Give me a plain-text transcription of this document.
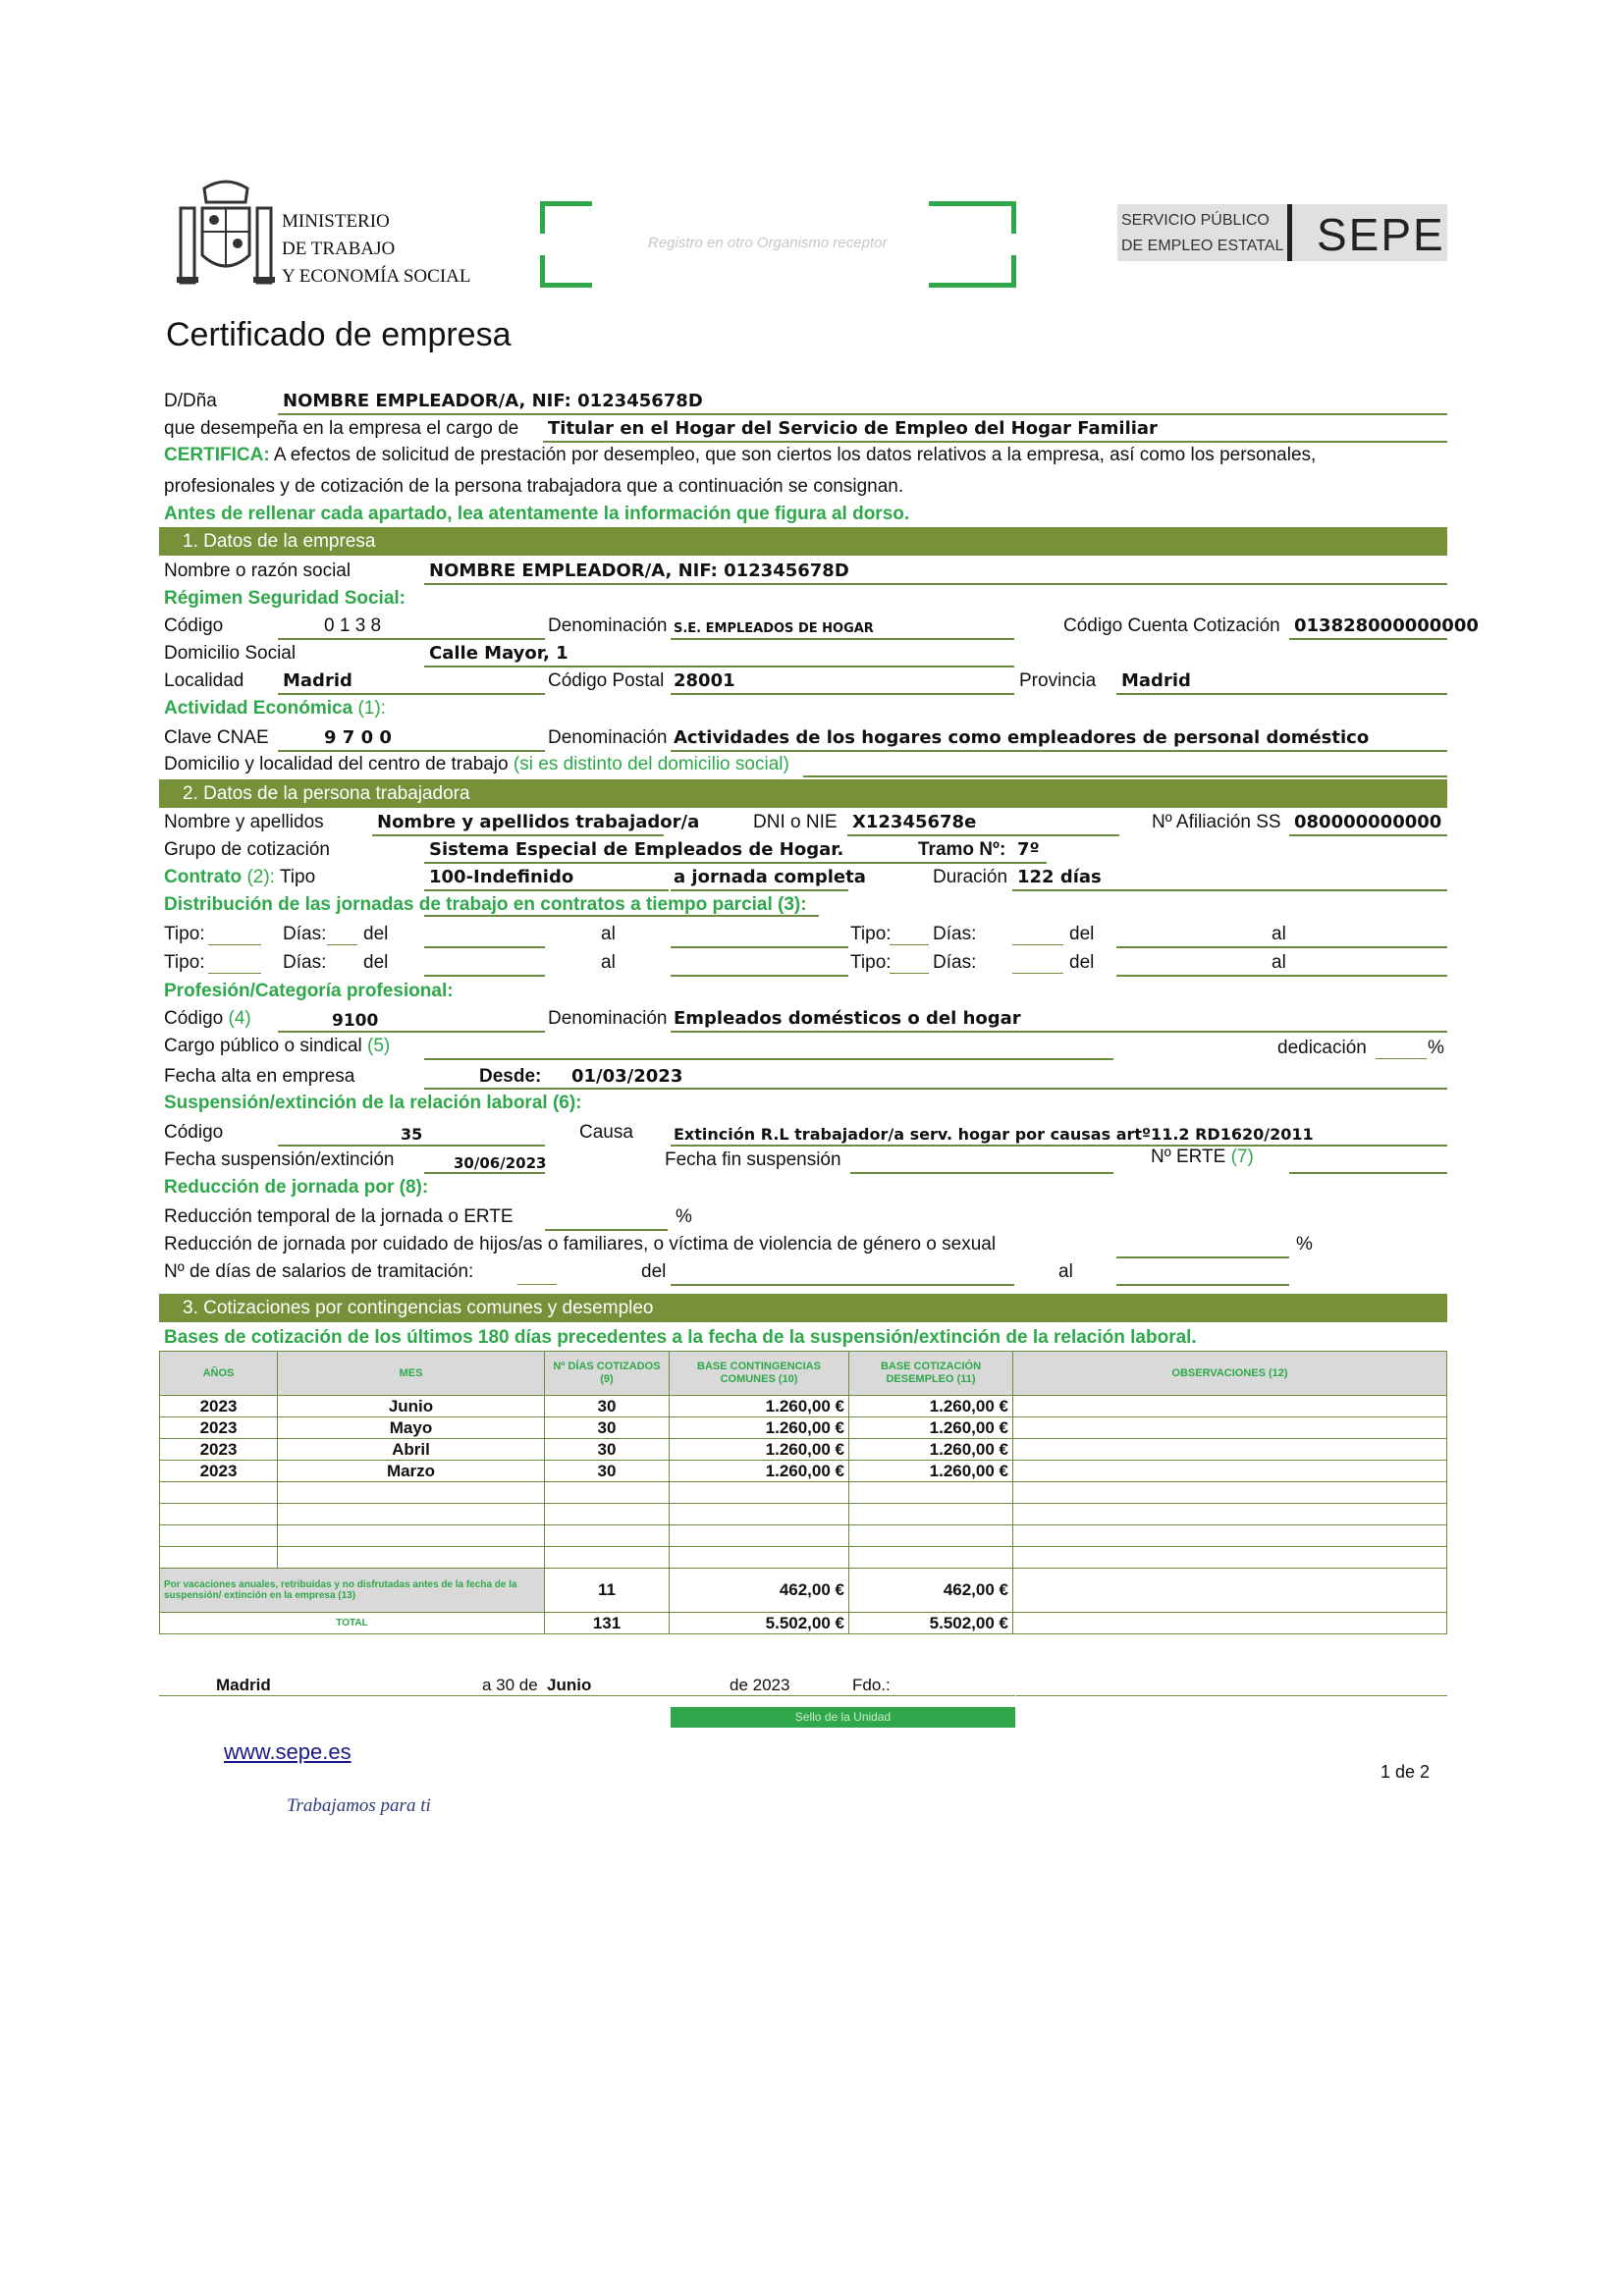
MINISTERIO
DE TRABAJO
Y ECONOMÍA SOCIAL
Registro en otro Organismo receptor
SERVICIO PÚBLICO
DE EMPLEO ESTATAL SEPE
Certificado de empresa
D/Dña	NOMBRE EMPLEADOR/A, NIF: 012345678D
que desempeña en la empresa el cargo de Titular en el Hogar del Servicio de Empleo del Hogar Familiar
CERTIFICA: A efectos de solicitud de prestación por desempleo, que son ciertos los datos relativos a la empresa, así como los personales,
profesionales y de cotización de la persona trabajadora que a continuación se consignan.
Antes de rellenar cada apartado, lea atentamente la información que figura al dorso.
1. Datos de la empresa
Nombre o razón social	NOMBRE EMPLEADOR/A, NIF: 012345678D
Régimen Seguridad Social:
Código	0 1 3 8	Denominación S.E. EMPLEADOS DE HOGAR	Código Cuenta Cotización 013828000000000
Domicilio Social	Calle Mayor, 1
Localidad Madrid	Código Postal 28001	Provincia Madrid
Actividad Económica (1):
Clave CNAE	9 7 0 0	Denominación Actividades de los hogares como empleadores de personal doméstico
Domicilio y localidad del centro de trabajo (si es distinto del domicilio social)
2. Datos de la persona trabajadora
Nombre y apellidos	Nombre y apellidos trabajador/a	DNI o NIE X12345678e	Nº Afiliación SS 080000000000
Grupo de cotización	Sistema Especial de Empleados de Hogar.	Tramo Nº: 7º
Contrato (2): Tipo	100-Indefinido	a jornada completa	Duración 122 días
Distribución de las jornadas de trabajo en contratos a tiempo parcial (3):
Tipo:	Días: del	al	Tipo: Días:	del	al
Tipo:	Días: del	al	Tipo: Días:	del	al
Profesión/Categoría profesional:
Código (4)	9100	Denominación Empleados domésticos o del hogar
Cargo público o sindical (5)	dedicación	%
Fecha alta en empresa	Desde: 01/03/2023
Suspensión/extinción de la relación laboral (6):
Código	35	Causa	Extinción R.L trabajador/a serv. hogar por causas artº11.2 RD1620/2011
Fecha suspensión/extinción	30/06/2023	Fecha fin suspensión	Nº ERTE (7)
Reducción de jornada por (8):
Reducción temporal de la jornada o ERTE	%
Reducción de jornada por cuidado de hijos/as o familiares, o víctima de violencia de género o sexual	%
Nº de días de salarios de tramitación:	del	al
3. Cotizaciones por contingencias comunes y desempleo
Bases de cotización de los últimos 180 días precedentes a la fecha de la suspensión/extinción de la relación laboral.
AÑOS	MES	Nº DÍAS COTIZADOS (9)	BASE CONTINGENCIAS COMUNES (10)	BASE COTIZACIÓN DESEMPLEO (11)	OBSERVACIONES (12)
2023	Junio	30	1.260,00 €	1.260,00 €	
2023	Mayo	30	1.260,00 €	1.260,00 €	
2023	Abril	30	1.260,00 €	1.260,00 €	
2023	Marzo	30	1.260,00 €	1.260,00 €	

Por vacaciones anuales, retribuidas y no disfrutadas antes de la fecha de la suspensión/ extinción en la empresa (13)		11	462,00 €	462,00 €	
TOTAL		131	5.502,00 €	5.502,00 €	
Madrid	a 30 de Junio	de 2023	Fdo.:
Sello de la Unidad
www.sepe.es
1 de 2
Trabajamos para ti
